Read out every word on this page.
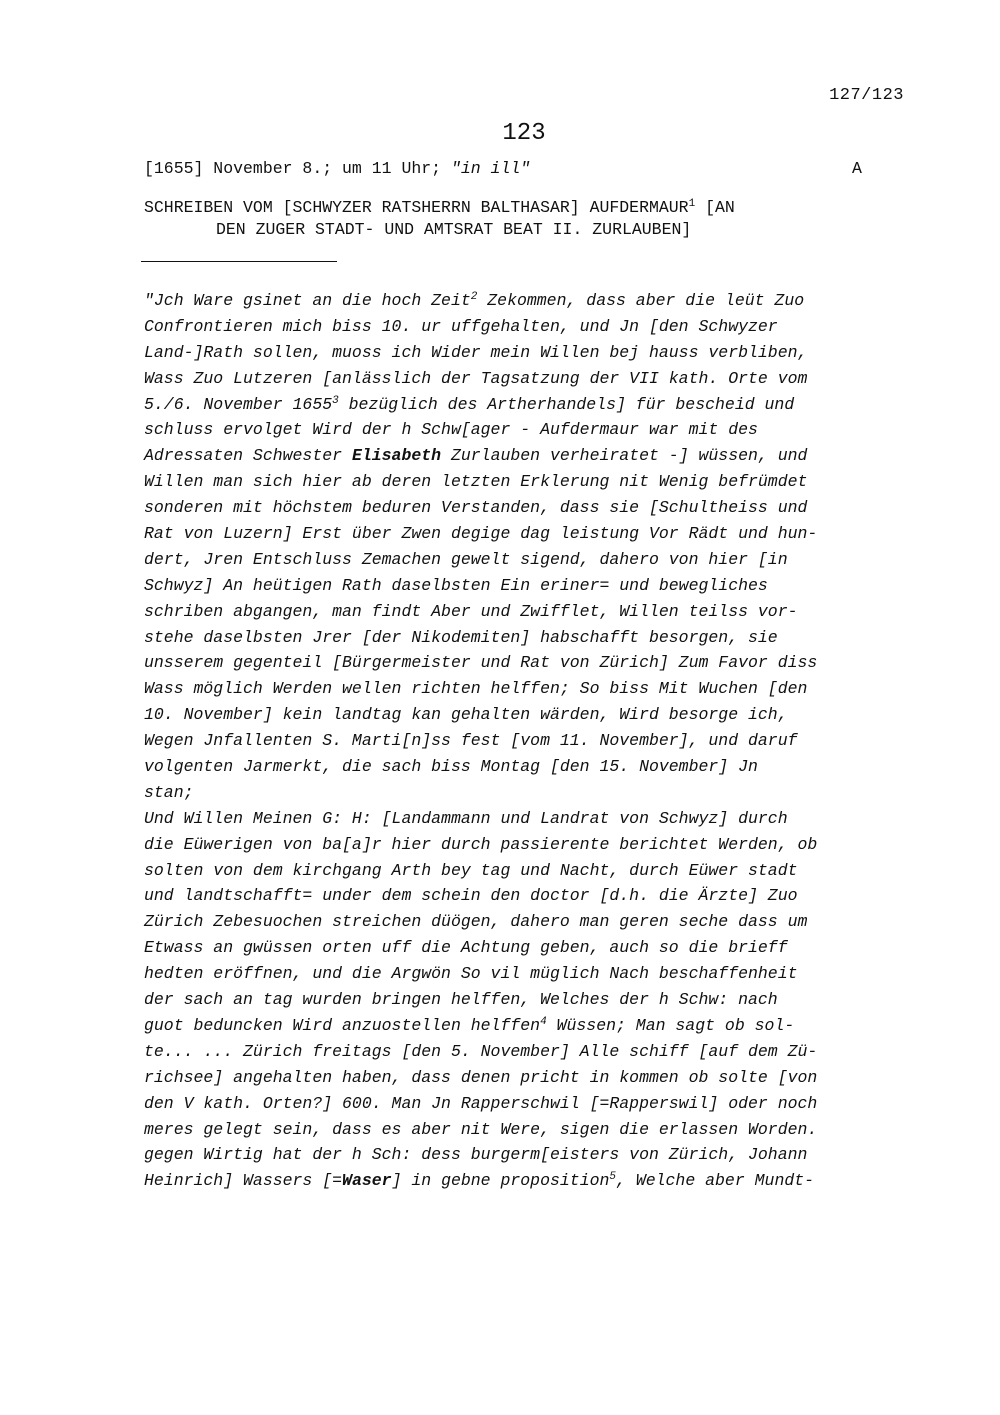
127/123
123
[1655] November 8.; um 11 Uhr; "in ill"	A
SCHREIBEN VOM [SCHWYZER RATSHERRN BALTHASAR] AUFDERMAUR$^1$ [AN
DEN ZUGER STADT- UND AMTSRAT BEAT II. ZURLAUBEN]
"Jch Ware gsinet an die hoch Zeit$^2$ Zekommen, dass aber die leüt Zuo
Confrontieren mich biss 10. ur uffgehalten, und Jn [den Schwyzer
Land-]Rath sollen, muoss ich Wider mein Willen bej hauss verbliben,
Wass Zuo Lutzeren [anlässlich der Tagsatzung der VII kath. Orte vom
5./6. November 1655$^3$ bezüglich des Artherhandels] für bescheid und
schluss ervolget Wird der h Schw[ager - Aufdermaur war mit des
Adressaten Schwester Elisabeth Zurlauben verheiratet -] wüssen, und
Willen man sich hier ab deren letzten Erklerung nit Wenig befrümdet
sonderen mit höchstem beduren Verstanden, dass sie [Schultheiss und
Rat von Luzern] Erst über Zwen degige dag leistung Vor Rädt und hun-
dert, Jren Entschluss Zemachen gewelt sigend, dahero von hier [in
Schwyz] An heütigen Rath daselbsten Ein eriner= und bewegliches
schriben abgangen, man findt Aber und Zwifflet, Willen teilss vor-
stehe daselbsten Jrer [der Nikodemiten] habschafft besorgen, sie
unsserem gegenteil [Bürgermeister und Rat von Zürich] Zum Favor diss
Wass möglich Werden wellen richten helffen; So biss Mit Wuchen [den
10. November] kein landtag kan gehalten wärden, Wird besorge ich,
Wegen Jnfallenten S. Marti[n]ss fest [vom 11. November], und daruf
volgenten Jarmerkt, die sach biss Montag [den 15. November] Jn
stan;
Und Willen Meinen G: H: [Landammann und Landrat von Schwyz] durch
die Eüwerigen von ba[a]r hier durch passierente berichtet Werden, ob
solten von dem kirchgang Arth bey tag und Nacht, durch Eüwer stadt
und landtschafft= under dem schein den doctor [d.h. die Ärzte] Zuo
Zürich Zebesuochen streichen düögen, dahero man geren seche dass um
Etwass an gwüssen orten uff die Achtung geben, auch so die brieff
hedten eröffnen, und die Argwön So vil müglich Nach beschaffenheit
der sach an tag wurden bringen helffen, Welches der h Schw: nach
guot beduncken Wird anzuostellen helffen$^4$ Wüssen; Man sagt ob sol-
te... ... Zürich freitags [den 5. November] Alle schiff [auf dem Zü-
richsee] angehalten haben, dass denen pricht in kommen ob solte [von
den V kath. Orten?] 600. Man Jn Rapperschwil [=Rapperswil] oder noch
meres gelegt sein, dass es aber nit Were, sigen die erlassen Worden.
gegen Wirtig hat der h Sch: dess burgerm[eisters von Zürich, Johann
Heinrich] Wassers [=Waser] in gebne proposition$^5$, Welche aber Mundt-
